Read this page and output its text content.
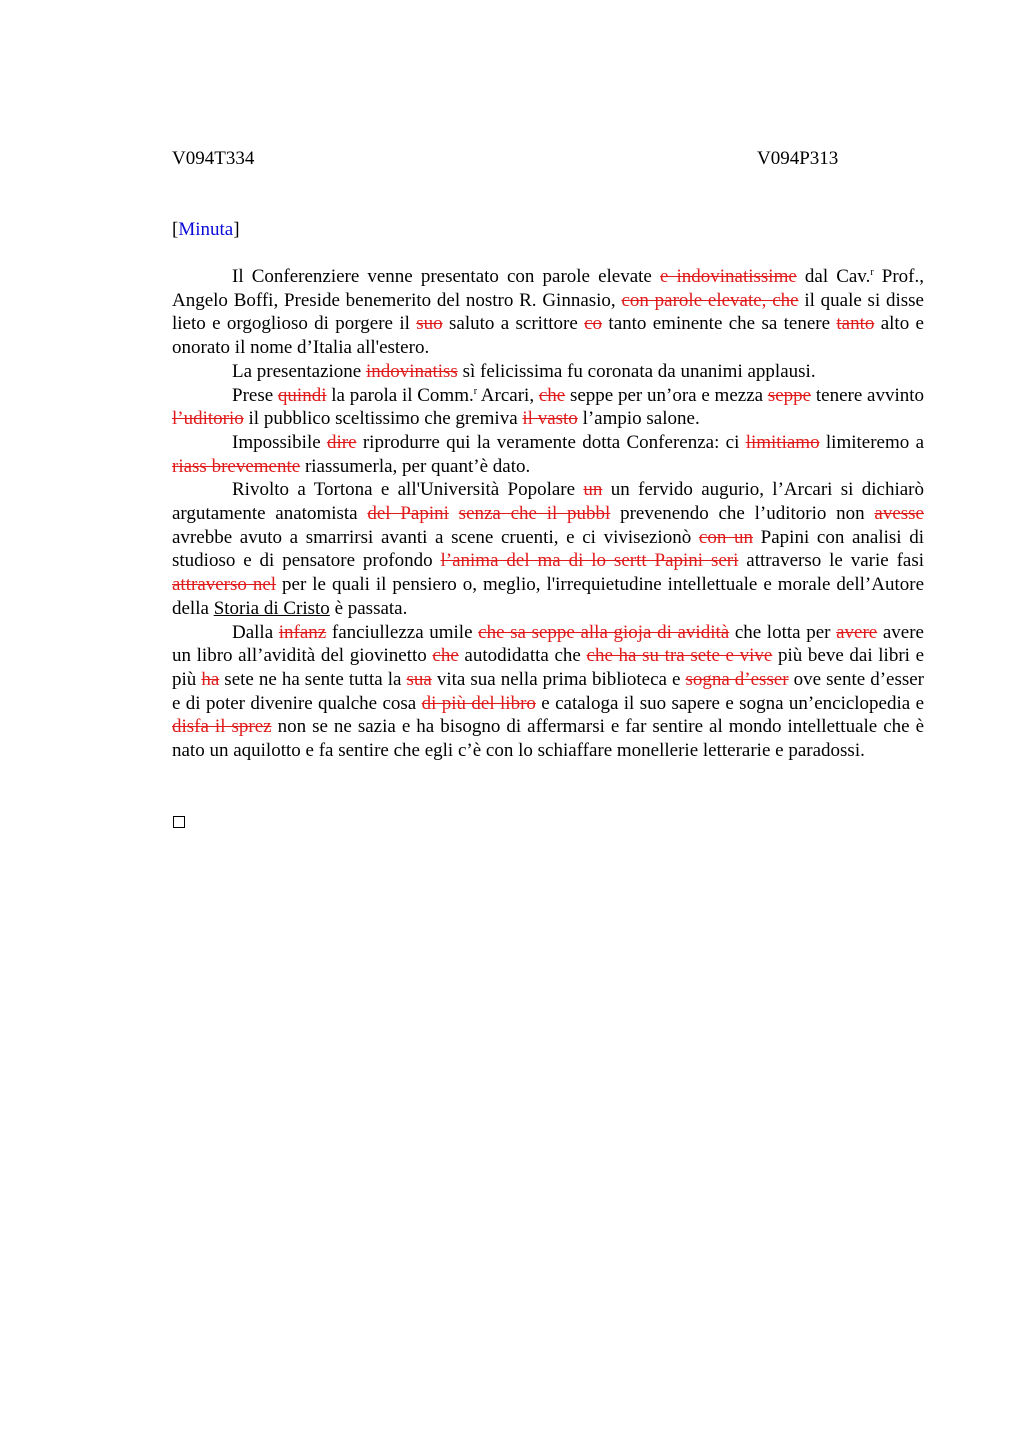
V094T334	V094P313
[Minuta]

Il Conferenziere venne presentato con parole elevate e indovinatissime dal Cav.$^r$ Prof., Angelo Boffi, Preside benemerito del nostro R. Ginnasio, con parole elevate, che il quale si disse lieto e orgoglioso di porgere il suo saluto a scrittore co tanto eminente che sa tenere tanto alto e onorato il nome d’Italia all'estero.

La presentazione indovinatiss sì felicissima fu coronata da unanimi applausi.

Prese quindi la parola il Comm.$^r$ Arcari, che seppe per un’ora e mezza seppe tenere avvinto l’uditorio il pubblico sceltissimo che gremiva il vasto l’ampio salone.

Impossibile dire riprodurre qui la veramente dotta Conferenza: ci limitiamo limiteremo a riass brevemente riassumerla, per quant’è dato.

Rivolto a Tortona e all'Università Popolare un un fervido augurio, l’Arcari si dichiarò argutamente anatomista del Papini senza che il pubbl prevenendo che l’uditorio non avesse avrebbe avuto a smarrirsi avanti a scene cruenti, e ci vivisezionò con un Papini con analisi di studioso e di pensatore profondo l’anima del ma di lo sertt Papini seri attraverso le varie fasi attraverso nel per le quali il pensiero o, meglio, l'irrequietudine intellettuale e morale dell’Autore della Storia di Cristo è passata.

Dalla infanz fanciullezza umile che sa seppe alla gioja di avidità che lotta per avere avere un libro all’avidità del giovinetto che autodidatta che che ha su tra sete e vive più beve dai libri e più ha sete ne ha sente tutta la sua vita sua nella prima biblioteca e sogna d’esser ove sente d’esser e di poter divenire qualche cosa di più del libro e cataloga il suo sapere e sogna un’enciclopedia e disfa il sprez non se ne sazia e ha bisogno di affermarsi e far sentire al mondo intellettuale che è nato un aquilotto e fa sentire che egli c’è con lo schiaffare monellerie letterarie e paradossi.
